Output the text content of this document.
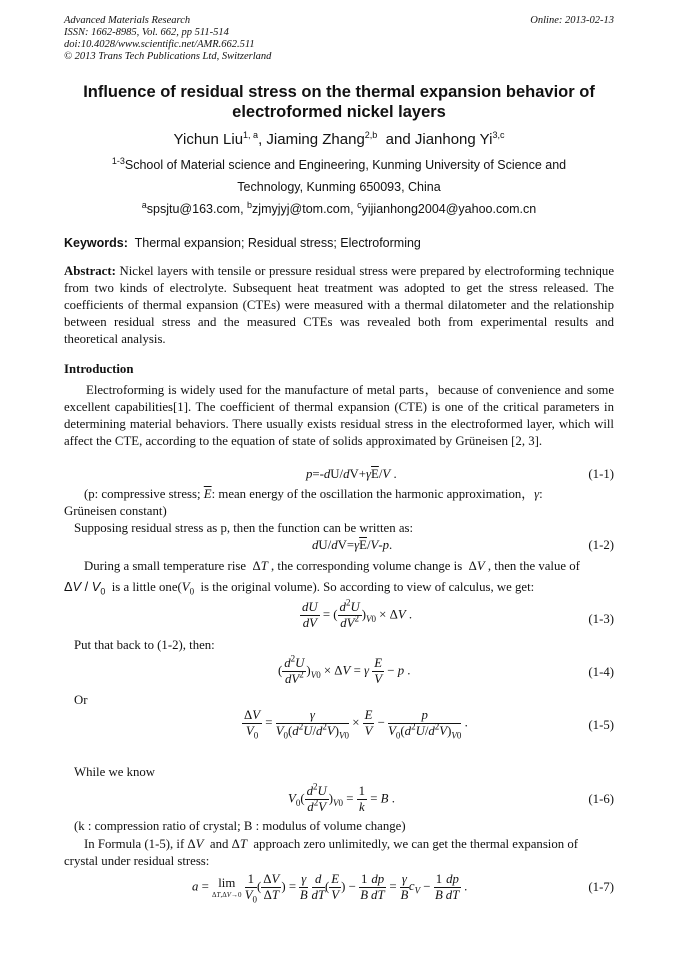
Advanced Materials Research
ISSN: 1662-8985, Vol. 662, pp 511-514
doi:10.4028/www.scientific.net/AMR.662.511
© 2013 Trans Tech Publications Ltd, Switzerland
Online: 2013-02-13
Influence of residual stress on the thermal expansion behavior of electroformed nickel layers
Yichun Liu$^{1, a}$, Jiaming Zhang$^{2,b}$ and Jianhong Yi$^{3,c}$
$^{1-3}$School of Material science and Engineering, Kunming University of Science and
Technology, Kunming 650093, China
$^a$spsjtu@163.com, $^b$zjmyjyj@tom.com, $^c$yijianhong2004@yahoo.com.cn
Keywords: Thermal expansion; Residual stress; Electroforming
Abstract: Nickel layers with tensile or pressure residual stress were prepared by electroforming technique from two kinds of electrolyte. Subsequent heat treatment was adopted to get the stress released. The coefficients of thermal expansion (CTEs) were measured with a thermal dilatometer and the relationship between residual stress and the measured CTEs was revealed both from experimental results and theoretical analysis.
Introduction
Electroforming is widely used for the manufacture of metal parts，because of convenience and some excellent capabilities[1]. The coefficient of thermal expansion (CTE) is one of the critical parameters in determining material behaviors. There usually exists residual stress in the electroformed layer, which will affect the CTE, according to the equation of state of solids approximated by Grüneisen [2, 3].
$p=-dU/dV+\gamma\overline{E}/V$ .	(1-1)
(p: compressive stress; $\overline{E}$: mean energy of the oscillation the harmonic approximation，γ:
Grüneisen constant)
Supposing residual stress as p, then the function can be written as:
$dU/dV=\gamma\overline{E}/V-p$.	(1-2)
During a small temperature rise  ΔT , the corresponding volume change is  ΔV , then the value of
ΔV / $V_0$ is a little $one(V_0$ is the original volume). So according to view of calculus, we get:
$\frac{dU}{dV}$ = ( $\frac{d^2U}{dV^2} )_{V0} \times \Delta V$ .	(1-3)
Put that back to (1-2), then:
( $\frac{d^2U}{dV^2} )_{V0} \times \Delta V = \gamma \frac{E}{V} - p$ .	(1-4)
Or
$\frac{\Delta V}{V_0} = \frac{\gamma}{V_0(d^2U/d^2V)_{V0}} \times \frac{E}{V} - \frac{p}{V_0(d^2U/d^2V)_{V0}}$ .	(1-5)
While we know
$V_0( \frac{d^2U}{d^2V} )_{V0} = \frac{1}{k} = B$ .	(1-6)
(k : compression ratio of crystal; B : modulus of volume change)
In Formula (1-5), if ΔV and ΔT approach zero unlimitedly, we can get the thermal expansion of
crystal under residual stress:
a = lim
ΔT,ΔV→0
$\frac{1}{V_0}$ ( $\frac{\Delta V}{\Delta T}$ ) = $\frac{\gamma}{B}$
$\frac{d}{dT}$ ( $\frac{E}{V}$ ) − $\frac{1}{B} \frac{dp}{dT} = \frac{\gamma}{B} c_V - \frac{1}{B} \frac{dp}{dT}$ .	(1-7)
